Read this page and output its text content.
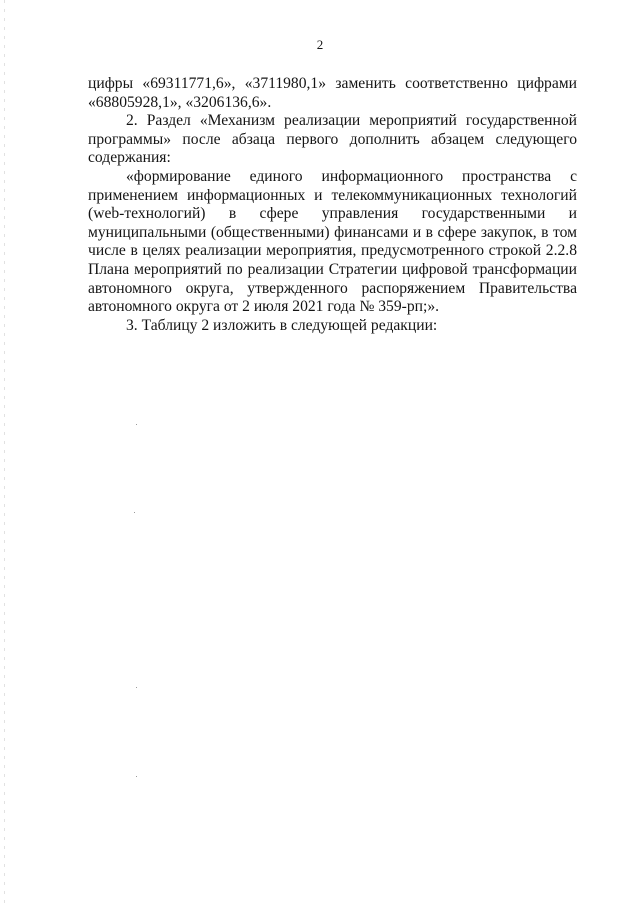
2

цифры «69311771,6», «3711980,1» заменить соответственно цифрами «68805928,1», «3206136,6».

2. Раздел «Механизм реализации мероприятий государственной программы» после абзаца первого дополнить абзацем следующего содержания:

«формирование единого информационного пространства с применением информационных и телекоммуникационных технологий (web-технологий) в сфере управления государственными и муниципальными (общественными) финансами и в сфере закупок, в том числе в целях реализации мероприятия, предусмотренного строкой 2.2.8 Плана мероприятий по реализации Стратегии цифровой трансформации автономного округа, утвержденного распоряжением Правительства автономного округа от 2 июля 2021 года № 359-рп;».

3. Таблицу 2 изложить в следующей редакции:
